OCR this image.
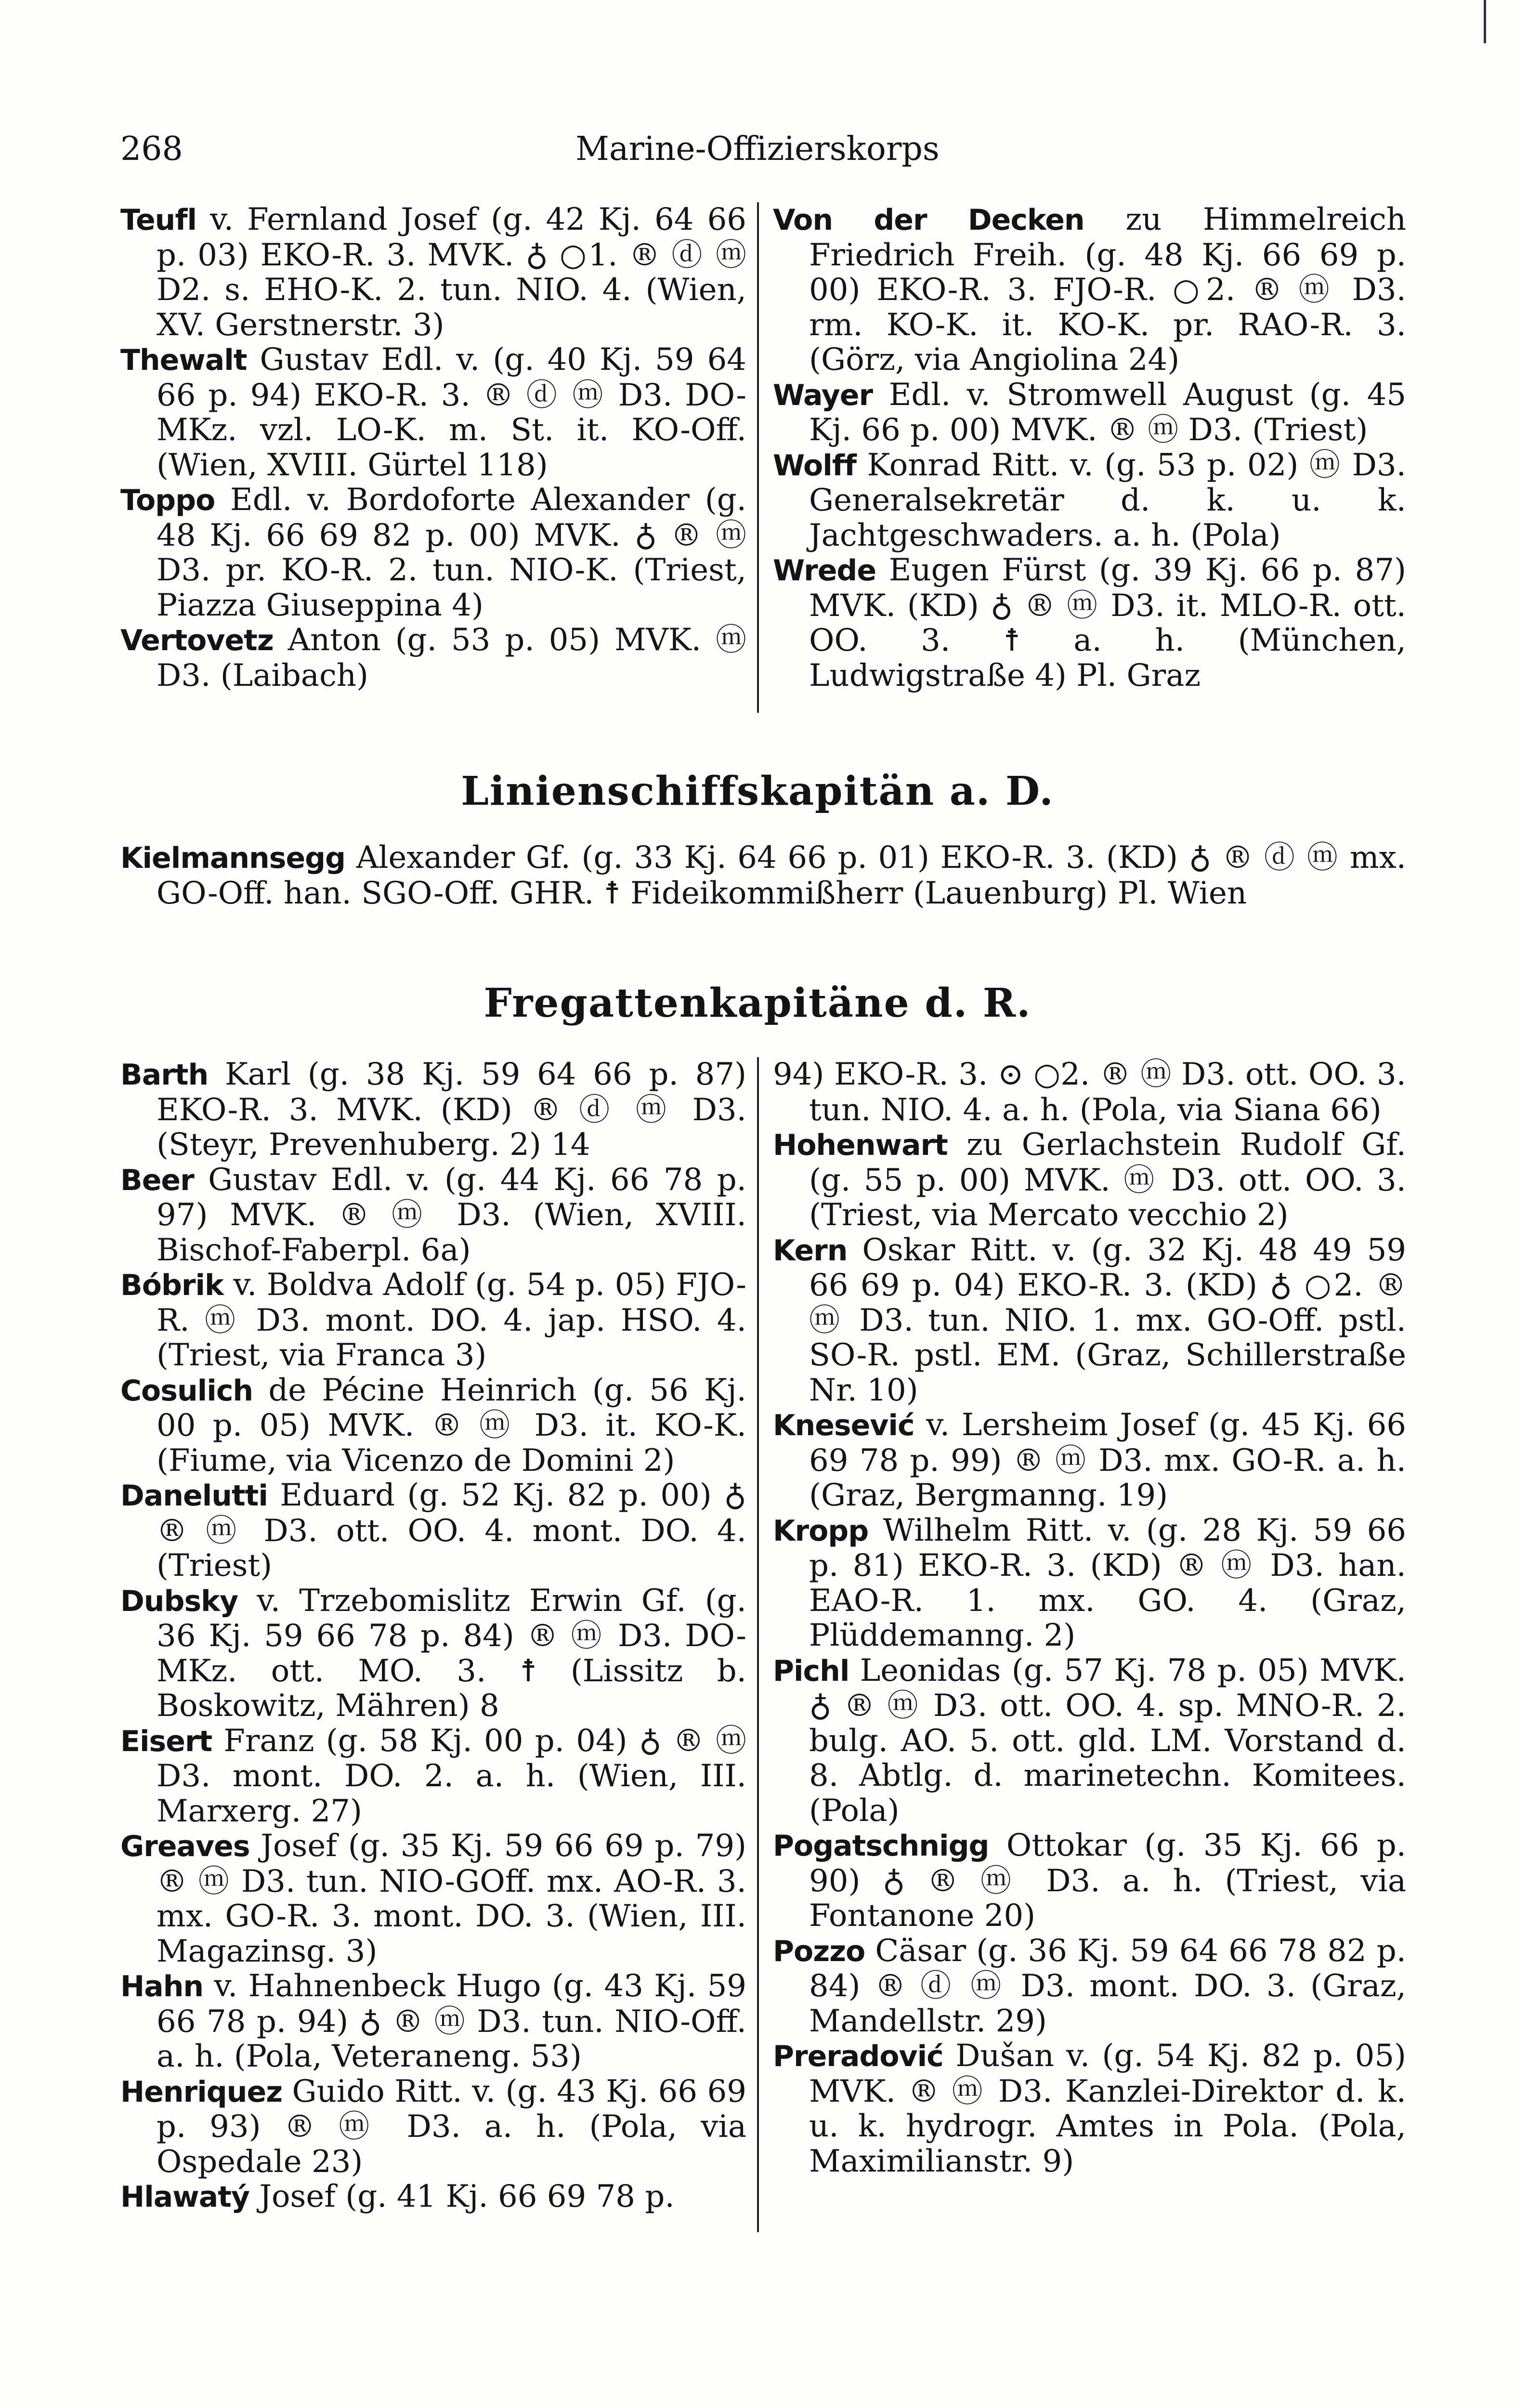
268	Marine-Offizierskorps
Teufl v. Fernland Josef (g. 42 Kj. 64 66 p. 03) EKO-R. 3. MVK. ♁ ○1. ® ⓓ ⓜ D2. s. EHO-K. 2. tun. NIO. 4. (Wien, XV. Gerstnerstr. 3)
Thewalt Gustav Edl. v. (g. 40 Kj. 59 64 66 p. 94) EKO-R. 3. ® ⓓ ⓜ D3. DO-MKz. vzl. LO-K. m. St. it. KO-Off. (Wien, XVIII. Gürtel 118)
Toppo Edl. v. Bordoforte Alexander (g. 48 Kj. 66 69 82 p. 00) MVK. ♁ ® ⓜ D3. pr. KO-R. 2. tun. NIO-K. (Triest, Piazza Giuseppina 4)
Vertovetz Anton (g. 53 p. 05) MVK. ⓜ D3. (Laibach)
Von der Decken zu Himmelreich Friedrich Freih. (g. 48 Kj. 66 69 p. 00) EKO-R. 3. FJO-R. ○2. ® ⓜ D3. rm. KO-K. it. KO-K. pr. RAO-R. 3. (Görz, via Angiolina 24)
Wayer Edl. v. Stromwell August (g. 45 Kj. 66 p. 00) MVK. ® ⓜ D3. (Triest)
Wolff Konrad Ritt. v. (g. 53 p. 02) ⓜ D3. Generalsekretär d. k. u. k. Jachtgeschwaders. a. h. (Pola)
Wrede Eugen Fürst (g. 39 Kj. 66 p. 87) MVK. (KD) ♁ ® ⓜ D3. it. MLO-R. ott. OO. 3. ☨ a. h. (München, Ludwigstraße 4) Pl. Graz
Linienschiffskapitän a. D.
Kielmannsegg Alexander Gf. (g. 33 Kj. 64 66 p. 01) EKO-R. 3. (KD) ♁ ® ⓓ ⓜ mx. GO-Off. han. SGO-Off. GHR. ☨ Fideikommißherr (Lauenburg) Pl. Wien
Fregattenkapitäne d. R.
Barth Karl (g. 38 Kj. 59 64 66 p. 87) EKO-R. 3. MVK. (KD) ® ⓓ ⓜ D3. (Steyr, Prevenhuberg. 2) 14
Beer Gustav Edl. v. (g. 44 Kj. 66 78 p. 97) MVK. ® ⓜ D3. (Wien, XVIII. Bischof-Faberpl. 6a)
Bóbrik v. Boldva Adolf (g. 54 p. 05) FJO-R. ⓜ D3. mont. DO. 4. jap. HSO. 4. (Triest, via Franca 3)
Cosulich de Pécine Heinrich (g. 56 Kj. 00 p. 05) MVK. ® ⓜ D3. it. KO-K. (Fiume, via Vicenzo de Domini 2)
Danelutti Eduard (g. 52 Kj. 82 p. 00) ♁ ® ⓜ D3. ott. OO. 4. mont. DO. 4. (Triest)
Dubsky v. Trzebomislitz Erwin Gf. (g. 36 Kj. 59 66 78 p. 84) ® ⓜ D3. DO-MKz. ott. MO. 3. ☨ (Lissitz b. Boskowitz, Mähren) 8
Eisert Franz (g. 58 Kj. 00 p. 04) ♁ ® ⓜ D3. mont. DO. 2. a. h. (Wien, III. Marxerg. 27)
Greaves Josef (g. 35 Kj. 59 66 69 p. 79) ® ⓜ D3. tun. NIO-GOff. mx. AO-R. 3. mx. GO-R. 3. mont. DO. 3. (Wien, III. Magazinsg. 3)
Hahn v. Hahnenbeck Hugo (g. 43 Kj. 59 66 78 p. 94) ♁ ® ⓜ D3. tun. NIO-Off. a. h. (Pola, Veteraneng. 53)
Henriquez Guido Ritt. v. (g. 43 Kj. 66 69 p. 93) ® ⓜ D3. a. h. (Pola, via Ospedale 23)
Hlawatý Josef (g. 41 Kj. 66 69 78 p.
94) EKO-R. 3. ⊙ ○2. ® ⓜ D3. ott. OO. 3. tun. NIO. 4. a. h. (Pola, via Siana 66)
Hohenwart zu Gerlachstein Rudolf Gf. (g. 55 p. 00) MVK. ⓜ D3. ott. OO. 3. (Triest, via Mercato vecchio 2)
Kern Oskar Ritt. v. (g. 32 Kj. 48 49 59 66 69 p. 04) EKO-R. 3. (KD) ♁ ○2. ® ⓜ D3. tun. NIO. 1. mx. GO-Off. pstl. SO-R. pstl. EM. (Graz, Schillerstraße Nr. 10)
Knesević v. Lersheim Josef (g. 45 Kj. 66 69 78 p. 99) ® ⓜ D3. mx. GO-R. a. h. (Graz, Bergmanng. 19)
Kropp Wilhelm Ritt. v. (g. 28 Kj. 59 66 p. 81) EKO-R. 3. (KD) ® ⓜ D3. han. EAO-R. 1. mx. GO. 4. (Graz, Plüddemanng. 2)
Pichl Leonidas (g. 57 Kj. 78 p. 05) MVK. ♁ ® ⓜ D3. ott. OO. 4. sp. MNO-R. 2. bulg. AO. 5. ott. gld. LM. Vorstand d. 8. Abtlg. d. marinetechn. Komitees. (Pola)
Pogatschnigg Ottokar (g. 35 Kj. 66 p. 90) ♁ ® ⓜ D3. a. h. (Triest, via Fontanone 20)
Pozzo Cäsar (g. 36 Kj. 59 64 66 78 82 p. 84) ® ⓓ ⓜ D3. mont. DO. 3. (Graz, Mandellstr. 29)
Preradović Dušan v. (g. 54 Kj. 82 p. 05) MVK. ® ⓜ D3. Kanzlei-Direktor d. k. u. k. hydrogr. Amtes in Pola. (Pola, Maximilianstr. 9)
